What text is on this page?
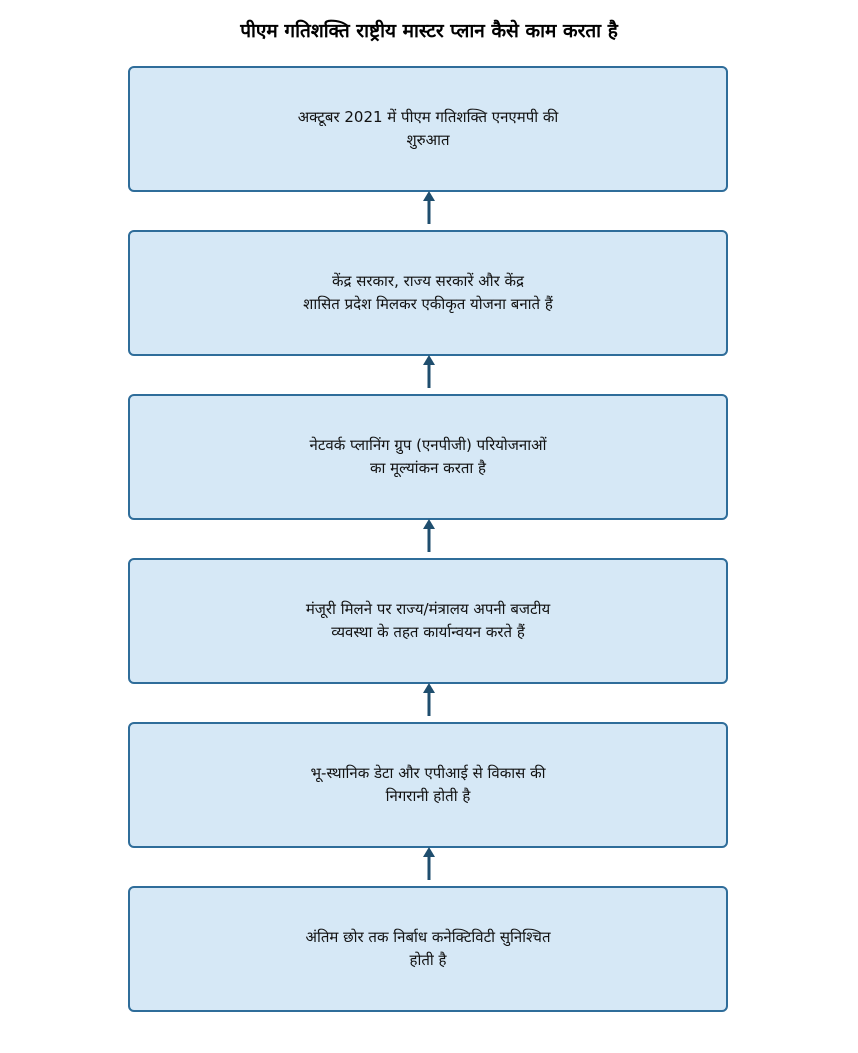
पीएम गतिशक्ति राष्ट्रीय मास्टर प्लान कैसे काम करता है
अक्टूबर 2021 में पीएम गतिशक्ति एनएमपी की
शुरुआत
केंद्र सरकार, राज्य सरकारें और केंद्र
शासित प्रदेश मिलकर एकीकृत योजना बनाते हैं
नेटवर्क प्लानिंग ग्रुप (एनपीजी) परियोजनाओं
का मूल्यांकन करता है
मंजूरी मिलने पर राज्य/मंत्रालय अपनी बजटीय
व्यवस्था के तहत कार्यान्वयन करते हैं
भू-स्थानिक डेटा और एपीआई से विकास की
निगरानी होती है
अंतिम छोर तक निर्बाध कनेक्टिविटी सुनिश्चित
होती है
